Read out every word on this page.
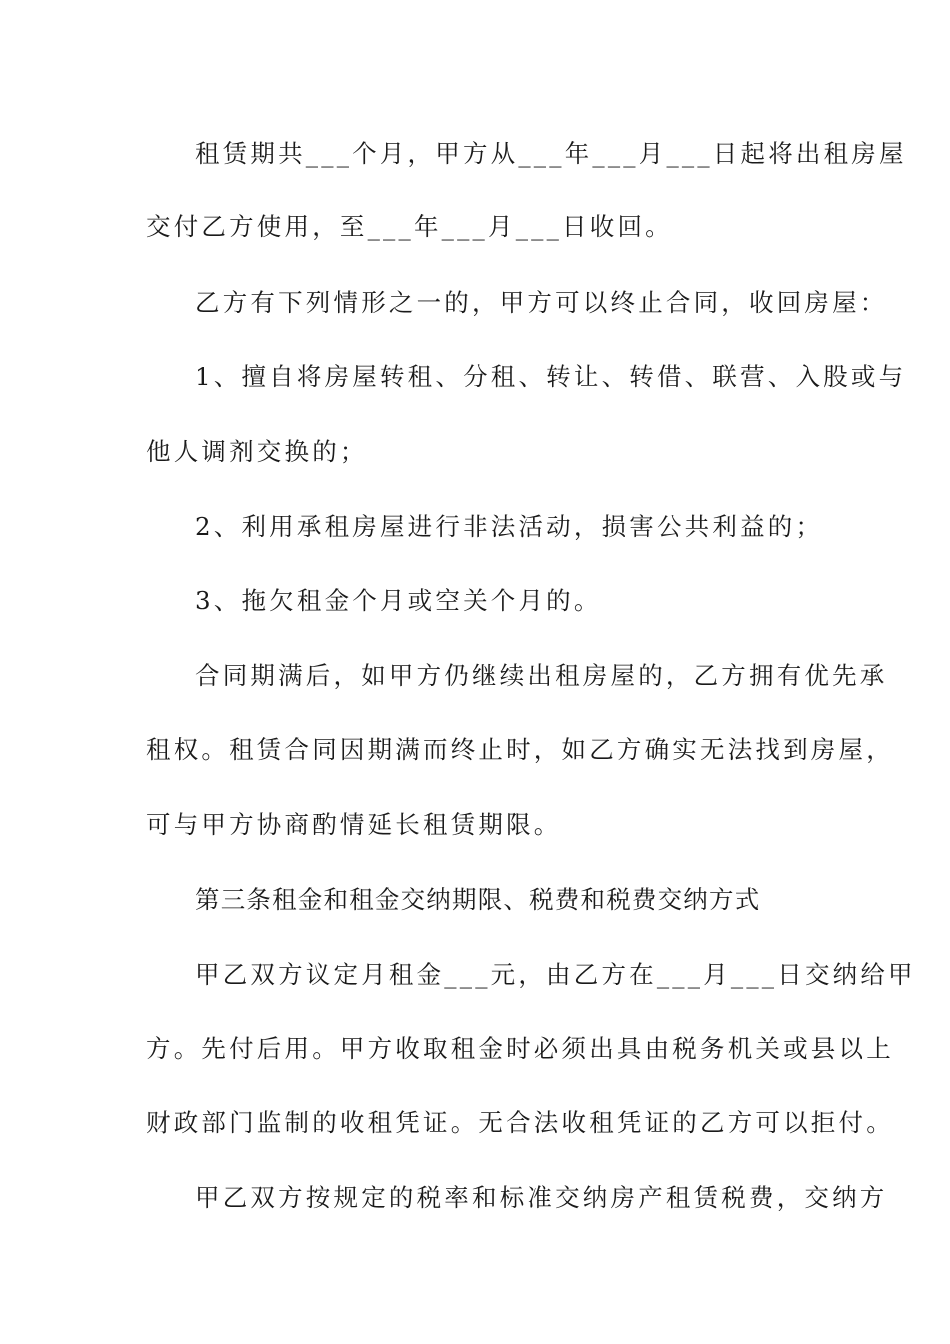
租赁期共___个月，甲方从___年___月___日起将出租房屋
交付乙方使用，至___年___月___日收回。
乙方有下列情形之一的，甲方可以终止合同，收回房屋：
1、擅自将房屋转租、分租、转让、转借、联营、入股或与
他人调剂交换的；
2、利用承租房屋进行非法活动，损害公共利益的；
3、拖欠租金个月或空关个月的。
合同期满后，如甲方仍继续出租房屋的，乙方拥有优先承
租权。租赁合同因期满而终止时，如乙方确实无法找到房屋，
可与甲方协商酌情延长租赁期限。
第三条租金和租金交纳期限、税费和税费交纳方式
甲乙双方议定月租金___元，由乙方在___月___日交纳给甲
方。先付后用。甲方收取租金时必须出具由税务机关或县以上
财政部门监制的收租凭证。无合法收租凭证的乙方可以拒付。
甲乙双方按规定的税率和标准交纳房产租赁税费，交纳方
